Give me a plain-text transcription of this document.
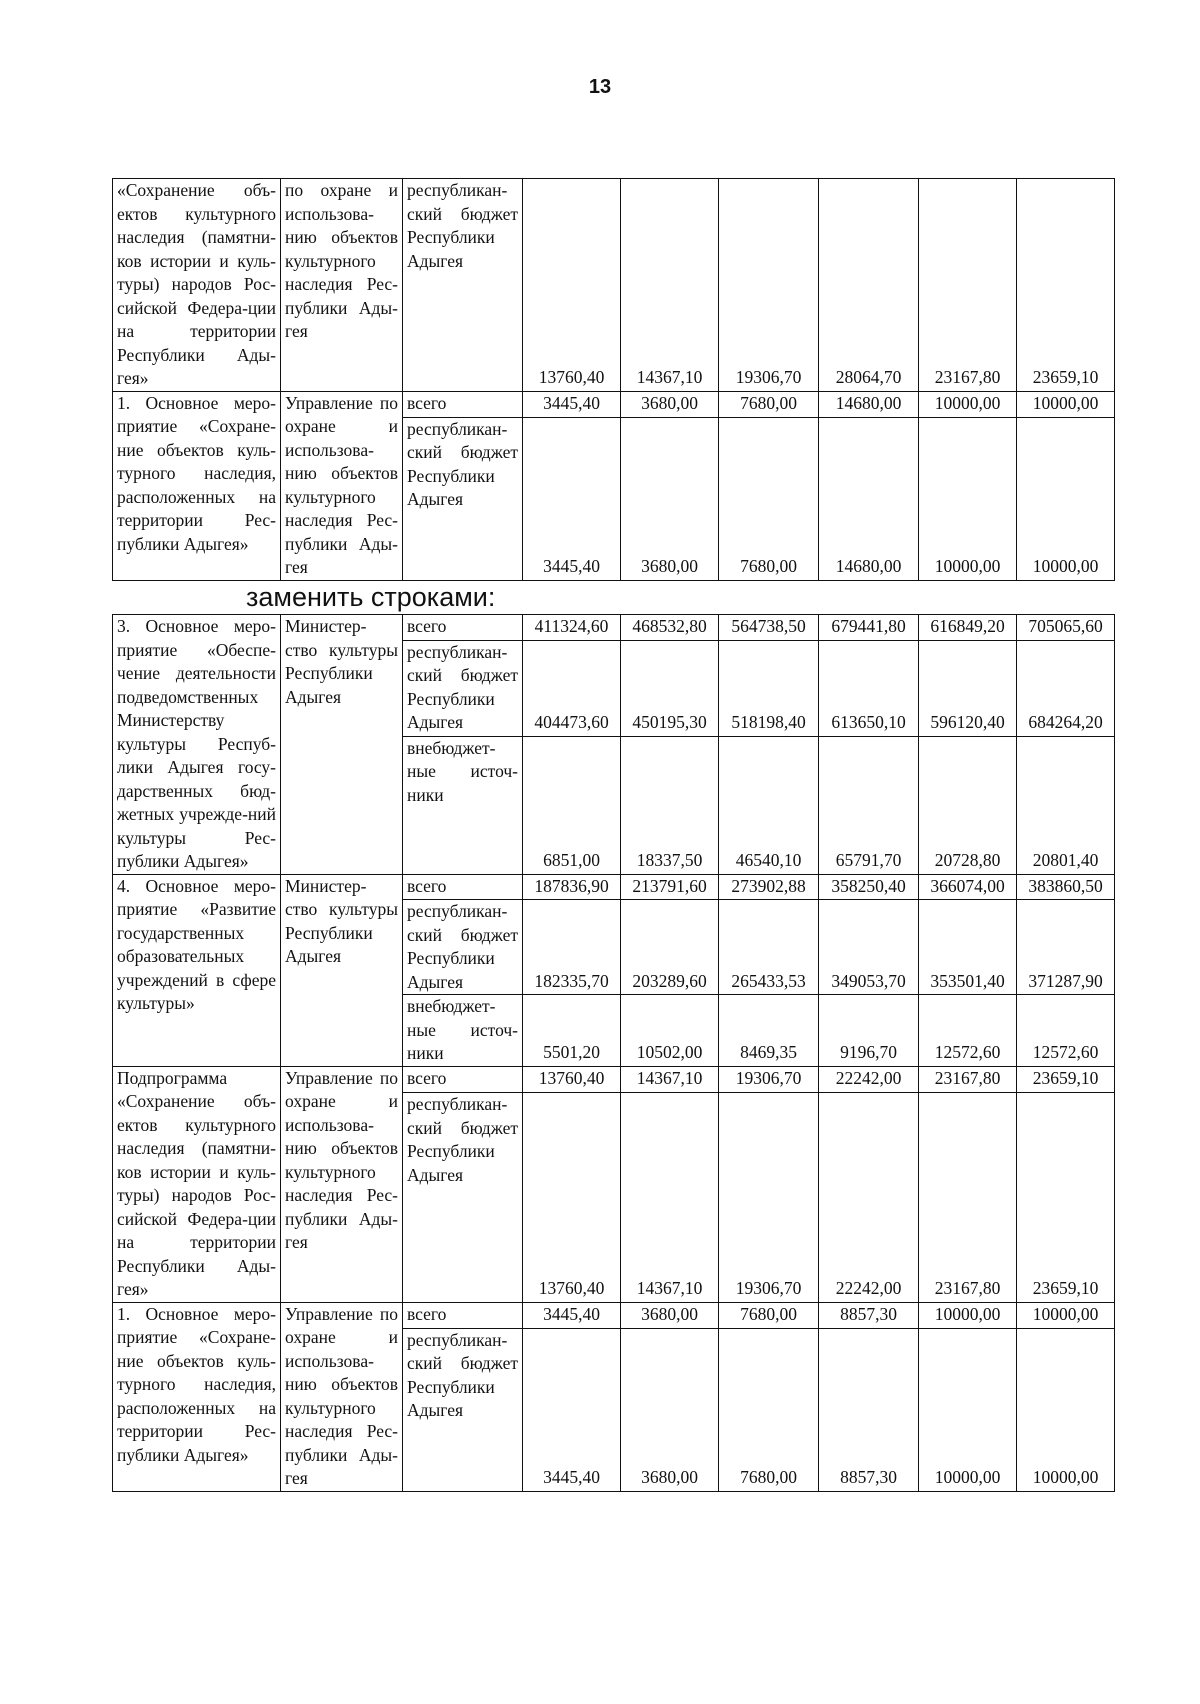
13
«Сохранение объ-ектов культурного наследия (памятни-ков истории и куль-туры) народов Рос-сийской Федера-ции на территории Республики Ады-гея»	по охране и использова-нию объектов культурного наследия Рес-публики Ады-гея	республикан-ский бюджет Республики Адыгея	13760,40	14367,10	19306,70	28064,70	23167,80	23659,10
1. Основное меро-приятие «Сохране-ние объектов куль-турного наследия, расположенных на территории Рес-публики Адыгея»	Управление по охране и использова-нию объектов культурного наследия Рес-публики Ады-гея	всего	3445,40	3680,00	7680,00	14680,00	10000,00	10000,00
		республикан-ский бюджет Республики Адыгея	3445,40	3680,00	7680,00	14680,00	10000,00	10000,00
заменить строками:
3. Основное меро-приятие «Обеспе-чение деятельности подведомственных Министерству культуры Респуб-лики Адыгея госу-дарственных бюд-жетных учрежде-ний культуры Рес-публики Адыгея»	Министер-ство культуры Республики Адыгея	всего	411324,60	468532,80	564738,50	679441,80	616849,20	705065,60
		республикан-ский бюджет Республики Адыгея	404473,60	450195,30	518198,40	613650,10	596120,40	684264,20
		внебюджет-ные источ-ники	6851,00	18337,50	46540,10	65791,70	20728,80	20801,40
4. Основное меро-приятие «Развитие государственных образовательных учреждений в сфере культуры»	Министер-ство культуры Республики Адыгея	всего	187836,90	213791,60	273902,88	358250,40	366074,00	383860,50
		республикан-ский бюджет Республики Адыгея	182335,70	203289,60	265433,53	349053,70	353501,40	371287,90
		внебюджет-ные источ-ники	5501,20	10502,00	8469,35	9196,70	12572,60	12572,60
Подпрограмма «Сохранение объ-ектов культурного наследия (памятни-ков истории и куль-туры) народов Рос-сийской Федера-ции на территории Республики Ады-гея»	Управление по охране и использова-нию объектов культурного наследия Рес-публики Ады-гея	всего	13760,40	14367,10	19306,70	22242,00	23167,80	23659,10
		республикан-ский бюджет Республики Адыгея	13760,40	14367,10	19306,70	22242,00	23167,80	23659,10
1. Основное меро-приятие «Сохране-ние объектов куль-турного наследия, расположенных на территории Рес-публики Адыгея»	Управление по охране и использова-нию объектов культурного наследия Рес-публики Ады-гея	всего	3445,40	3680,00	7680,00	8857,30	10000,00	10000,00
		республикан-ский бюджет Республики Адыгея	3445,40	3680,00	7680,00	8857,30	10000,00	10000,00
